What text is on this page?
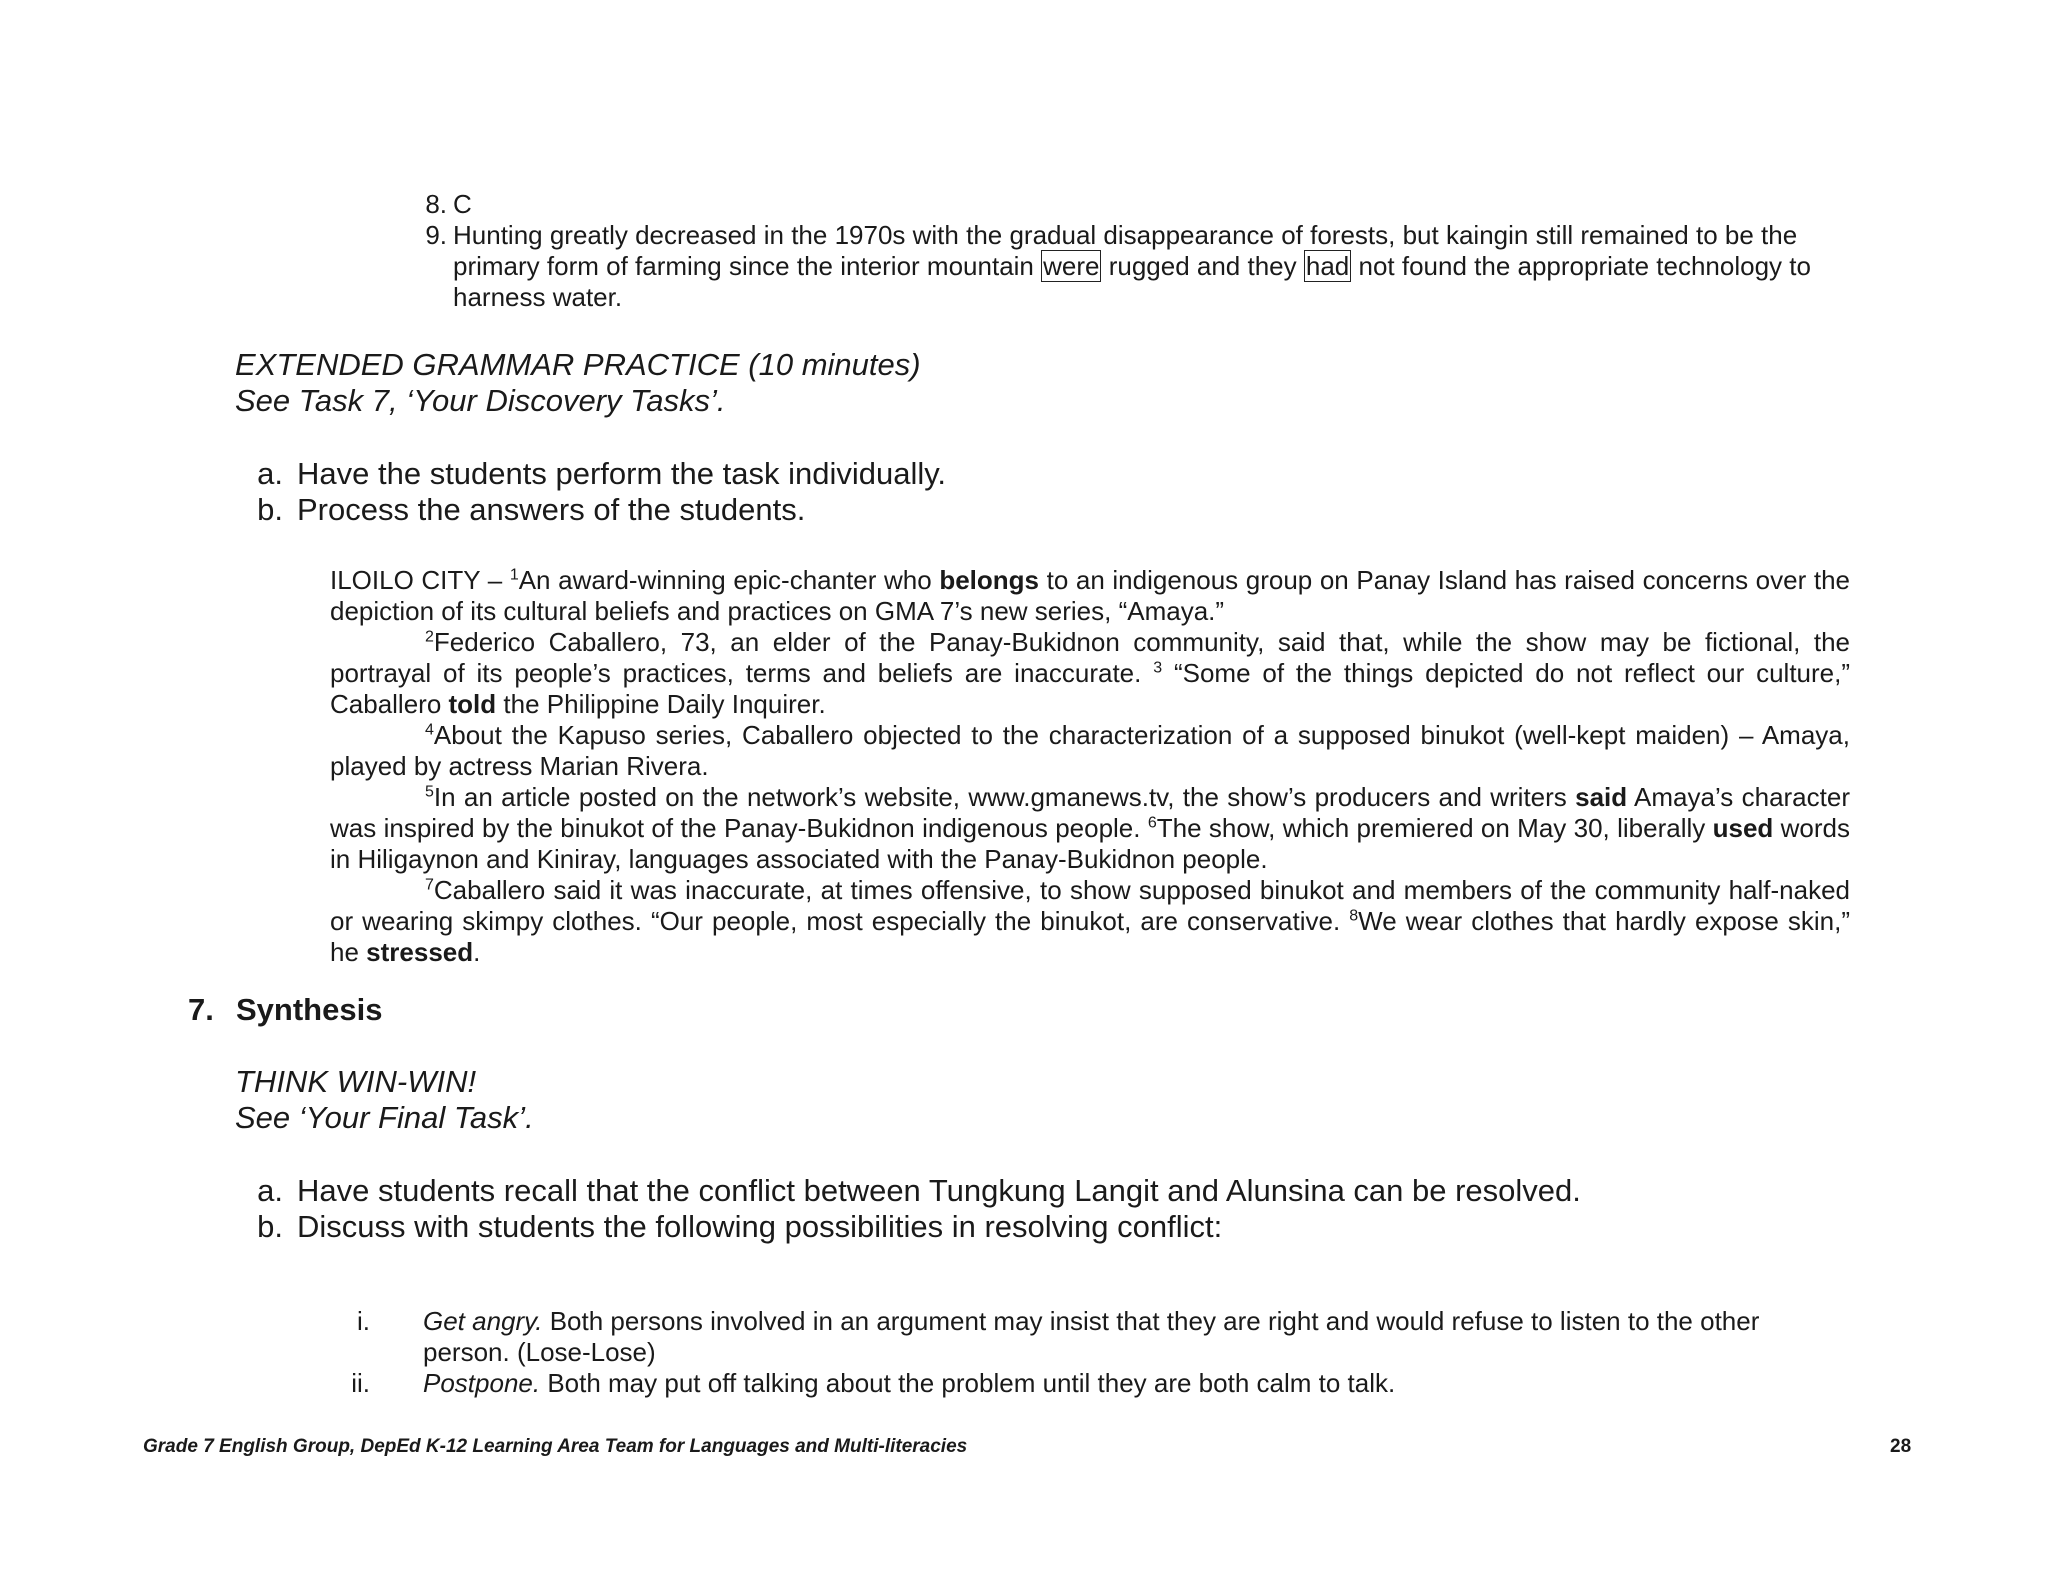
8. C
9. Hunting greatly decreased in the 1970s with the gradual disappearance of forests, but kaingin still remained to be the primary form of farming since the interior mountain were rugged and they had not found the appropriate technology to harness water.
EXTENDED GRAMMAR PRACTICE (10 minutes)
See Task 7, ‘Your Discovery Tasks’.
a. Have the students perform the task individually.
b. Process the answers of the students.

ILOILO CITY – $^1$An award-winning epic-chanter who belongs to an indigenous group on Panay Island has raised concerns over the depiction of its cultural beliefs and practices on GMA 7’s new series, “Amaya.”

$^2$Federico Caballero, 73, an elder of the Panay-Bukidnon community, said that, while the show may be fictional, the portrayal of its people’s practices, terms and beliefs are inaccurate. $^3$ “Some of the things depicted do not reflect our culture,” Caballero told the Philippine Daily Inquirer.

$^4$About the Kapuso series, Caballero objected to the characterization of a supposed binukot (well-kept maiden) – Amaya, played by actress Marian Rivera.

$^5$In an article posted on the network’s website, www.gmanews.tv, the show’s producers and writers said Amaya’s character was inspired by the binukot of the Panay-Bukidnon indigenous people. $^6$The show, which premiered on May 30, liberally used words in Hiligaynon and Kiniray, languages associated with the Panay-Bukidnon people.

$^7$Caballero said it was inaccurate, at times offensive, to show supposed binukot and members of the community half-naked or wearing skimpy clothes. “Our people, most especially the binukot, are conservative. $^8$We wear clothes that hardly expose skin,” he stressed.

7. Synthesis
THINK WIN-WIN!
See ‘Your Final Task’.
a. Have students recall that the conflict between Tungkung Langit and Alunsina can be resolved.
b. Discuss with students the following possibilities in resolving conflict:
i. Get angry. Both persons involved in an argument may insist that they are right and would refuse to listen to the other person. (Lose-Lose)
ii. Postpone. Both may put off talking about the problem until they are both calm to talk.
Grade 7 English Group, DepEd K-12 Learning Area Team for Languages and Multi-literacies	28
